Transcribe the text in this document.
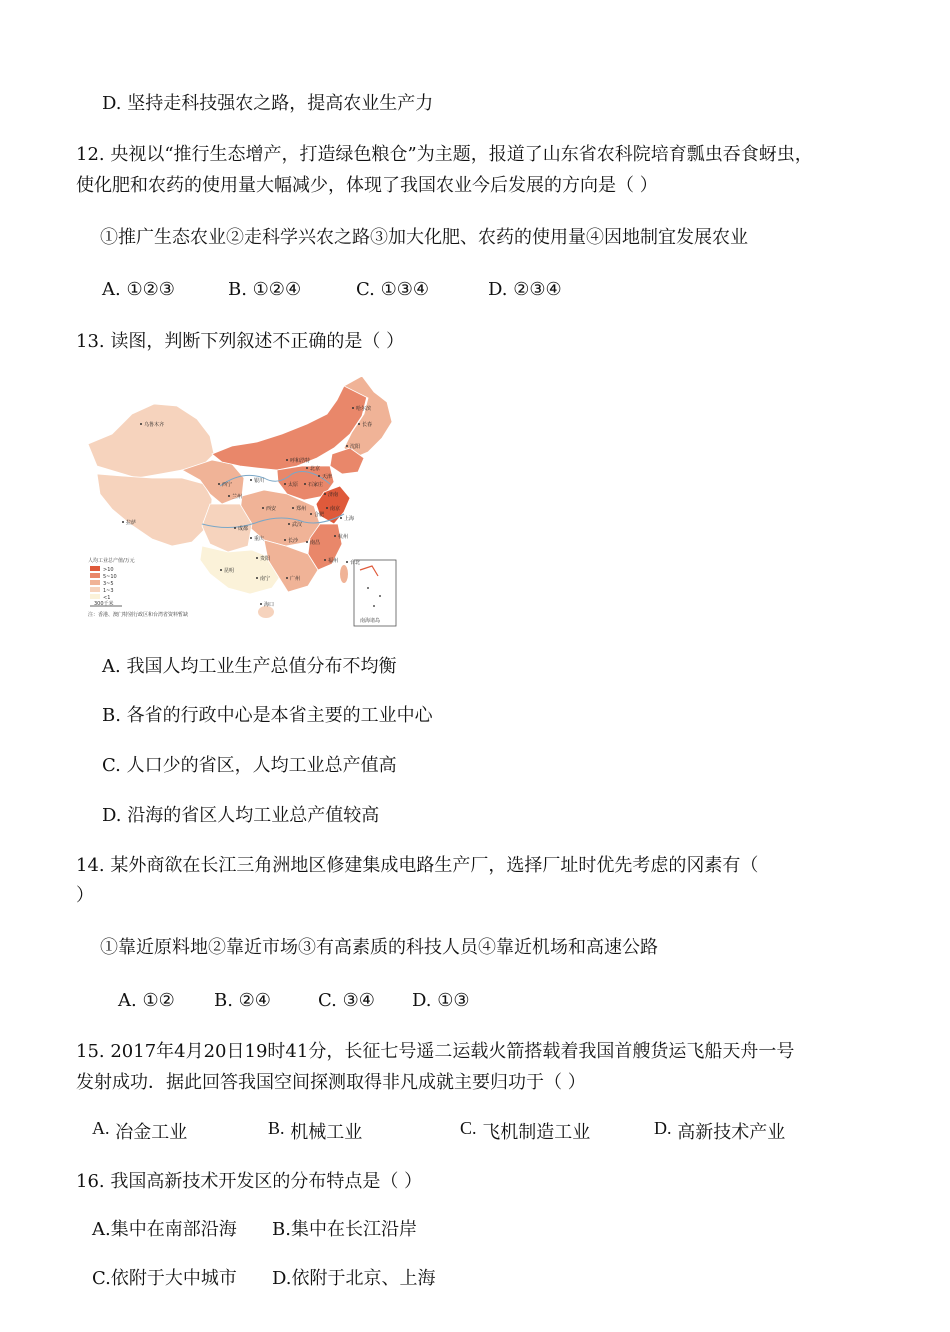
D. 坚持走科技强农之路，提高农业生产力
12. 央视以“推行生态增产，打造绿色粮仓”为主题，报道了山东省农科院培育瓢虫吞食蚜虫，
使化肥和农药的使用量大幅减少，体现了我国农业今后发展的方向是（ ）
①推广生态农业②走科学兴农之路③加大化肥、农药的使用量④因地制宜发展农业
A. ①②③	B. ①②④	C. ①③④	D. ②③④
13. 读图，判断下列叙述不正确的是（ ）
南海诸岛
人均工业总产值/万元
>10
5~10
3~5
1~3
<1
300千米
注：香港、澳门特别行政区和台湾省资料暂缺
乌鲁木齐
哈尔滨
长春
沈阳
呼和浩特
北京
天津
石家庄
太原
济南
银川
西宁
兰州
郑州
西安	南京
合肥
上海
武汉
杭州
成都
重庆	长沙 南昌
拉萨
贵阳	福州 台北
昆明
南宁	广州
海口
A. 我国人均工业生产总值分布不均衡
B. 各省的行政中心是本省主要的工业中心
C. 人口少的省区，人均工业总产值高
D. 沿海的省区人均工业总产值较高
14. 某外商欲在长江三角洲地区修建集成电路生产厂，选择厂址时优先考虑的冈素有（
）
①靠近原料地②靠近市场③有高素质的科技人员④靠近机场和高速公路
A. ①② B. ②④	C. ③④ D. ①③
15. 2017年4月20日19时41分，长征七号遥二运载火箭搭载着我国首艘货运飞船天舟一号
发射成功．据此回答我国空间探测取得非凡成就主要归功于（ ）
A. 冶金工业	B. 机械工业	C. 飞机制造工业	D. 高新技术产业
16. 我国高新技术开发区的分布特点是（ ）
A.集中在南部沿海 B.集中在长江沿岸
C.依附于大中城市 D.依附于北京、上海
